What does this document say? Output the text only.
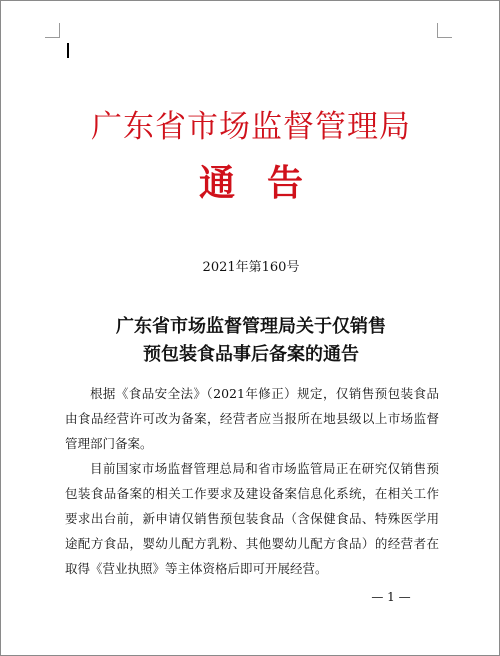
广东省市场监督管理局
通告
2021年第160号
广东省市场监督管理局关于仅销售
预包装食品事后备案的通告

根据《食品安全法》（2021年修正）规定，仅销售预包装食品由食品经营许可改为备案，经营者应当报所在地县级以上市场监督管理部门备案。

目前国家市场监督管理总局和省市场监管局正在研究仅销售预包装食品备案的相关工作要求及建设备案信息化系统，在相关工作要求出台前，新申请仅销售预包装食品（含保健食品、特殊医学用途配方食品，婴幼儿配方乳粉、其他婴幼儿配方食品）的经营者在取得《营业执照》等主体资格后即可开展经营。

— 1 —
